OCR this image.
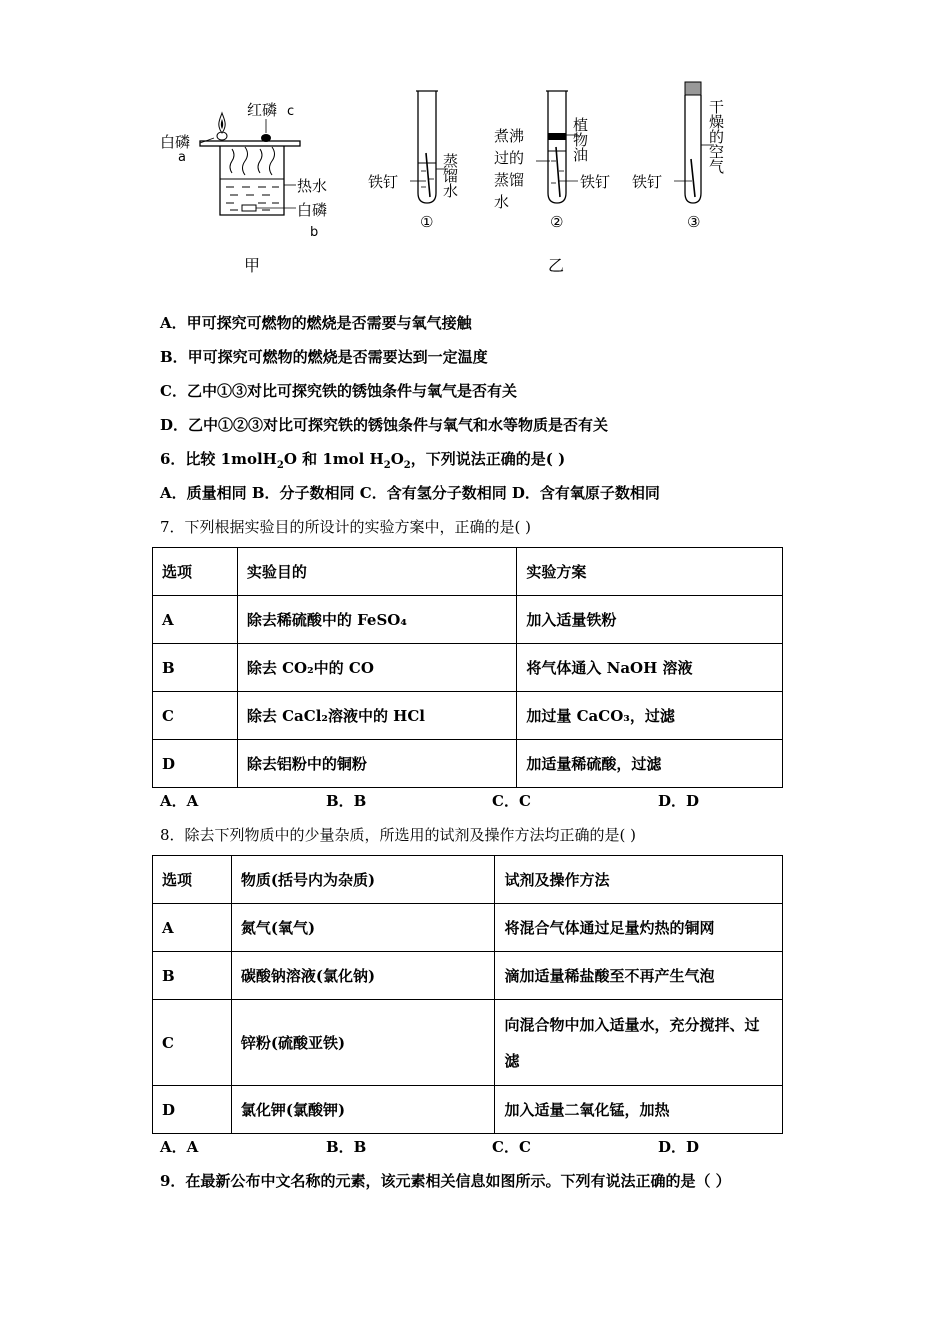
白磷
a
红磷 c
热水
白磷
b
甲
铁钉	蒸馏水
①
煮沸
过的
蒸馏
水
植物油
铁钉
②
铁钉
干燥的空气
③
乙
A．甲可探究可燃物的燃烧是否需要与氧气接触
B．甲可探究可燃物的燃烧是否需要达到一定温度
C．乙中①③对比可探究铁的锈蚀条件与氧气是否有关
D．乙中①②③对比可探究铁的锈蚀条件与氧气和水等物质是否有关
6．比较 1molH$_2$O 和 1mol $H_2O_2$，下列说法正确的是( )
A．质量相同 B．分子数相同 C．含有氢分子数相同 D．含有氧原子数相同
7．下列根据实验目的所设计的实验方案中，正确的是( )
选项	实验目的	实验方案
A	除去稀硫酸中的 FeSO₄	加入适量铁粉
B	除去 CO₂中的 CO	将气体通入 NaOH 溶液
C	除去 CaCl₂溶液中的 HCl	加过量 CaCO₃，过滤
D	除去铝粉中的铜粉	加适量稀硫酸，过滤
A．A	B．B	C．C	D．D
8．除去下列物质中的少量杂质，所选用的试剂及操作方法均正确的是( )
选项	物质(括号内为杂质)	试剂及操作方法
A	氮气(氧气)	将混合气体通过足量灼热的铜网
B	碳酸钠溶液(氯化钠)	滴加适量稀盐酸至不再产生气泡
C	锌粉(硫酸亚铁)	向混合物中加入适量水，充分搅拌、过滤
D	氯化钾(氯酸钾)	加入适量二氧化锰，加热
A．A	B．B	C．C	D．D
9．在最新公布中文名称的元素，该元素相关信息如图所示。下列有说法正确的是（ ）
